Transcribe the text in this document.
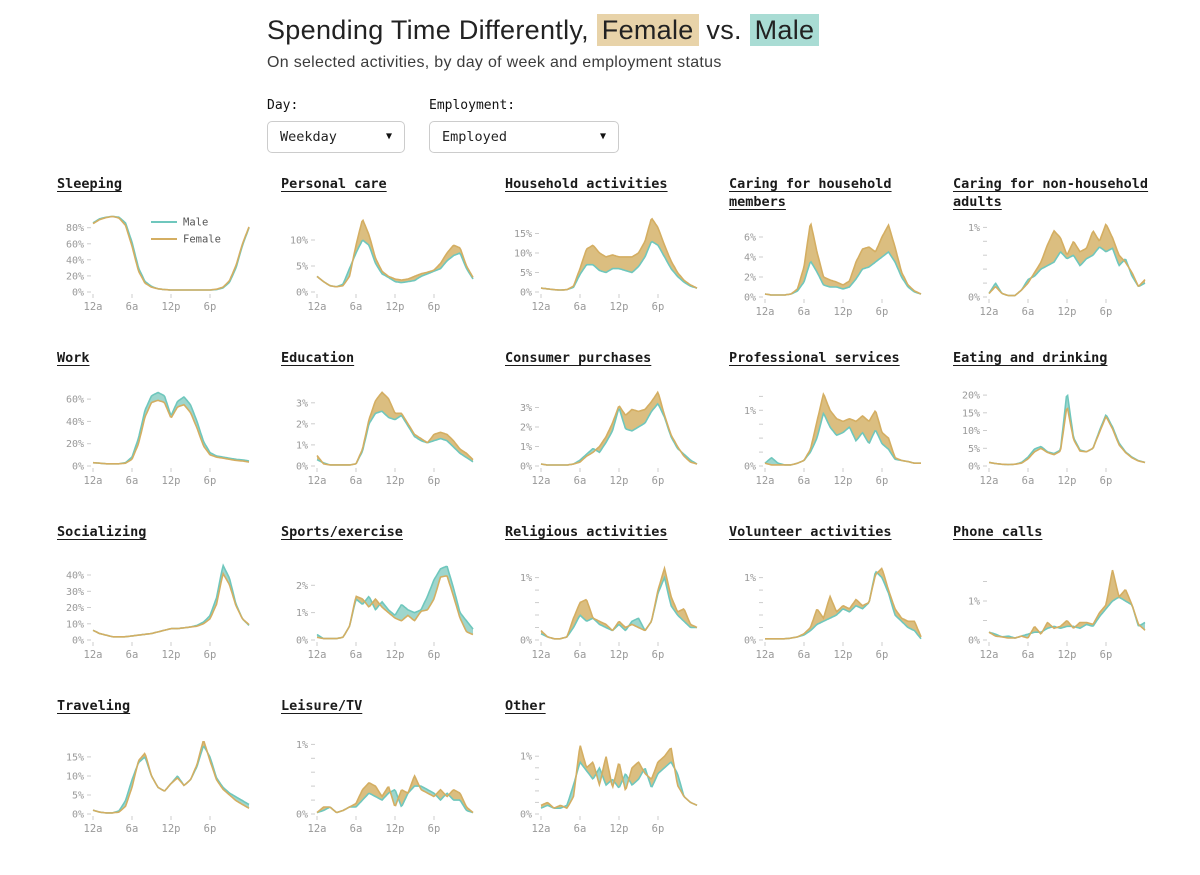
Spending Time Differently, Female vs. Male
On selected activities, by day of week and employment status
Day:
Weekday	▼
Employment:
Employed	▼
Sleeping
0%
20%
40%
60%
80%
12a 6a 12p 6p
Male
Female
Personal care
0%
5%
10%
12a 6a 12p 6p
Household activities
0%
5%
10%
15%
12a 6a 12p 6p
Caring for household members
0%
2%
4%
6%
12a 6a 12p 6p
Caring for non-household adults
0%
1%
12a 6a 12p 6p
Work
0%
20%
40%
60%
12a 6a 12p 6p
Education
0%
1%
2%
3%
12a 6a 12p 6p
Consumer purchases
0%
1%
2%
3%
12a 6a 12p 6p
Professional services
0%
1%
12a 6a 12p 6p
Eating and drinking
0%
5%
10%
15%
20%
12a 6a 12p 6p
Socializing
0%
10%
20%
30%
40%
12a 6a 12p 6p
Sports/exercise
0%
1%
2%
12a 6a 12p 6p
Religious activities
0%
1%
12a 6a 12p 6p
Volunteer activities
0%
1%
12a 6a 12p 6p
Phone calls
0%
1%
12a 6a 12p 6p
Traveling
0%
5%
10%
15%
12a 6a 12p 6p
Leisure/TV
0%
1%
12a 6a 12p 6p
Other
0%
1%
12a 6a 12p 6p
